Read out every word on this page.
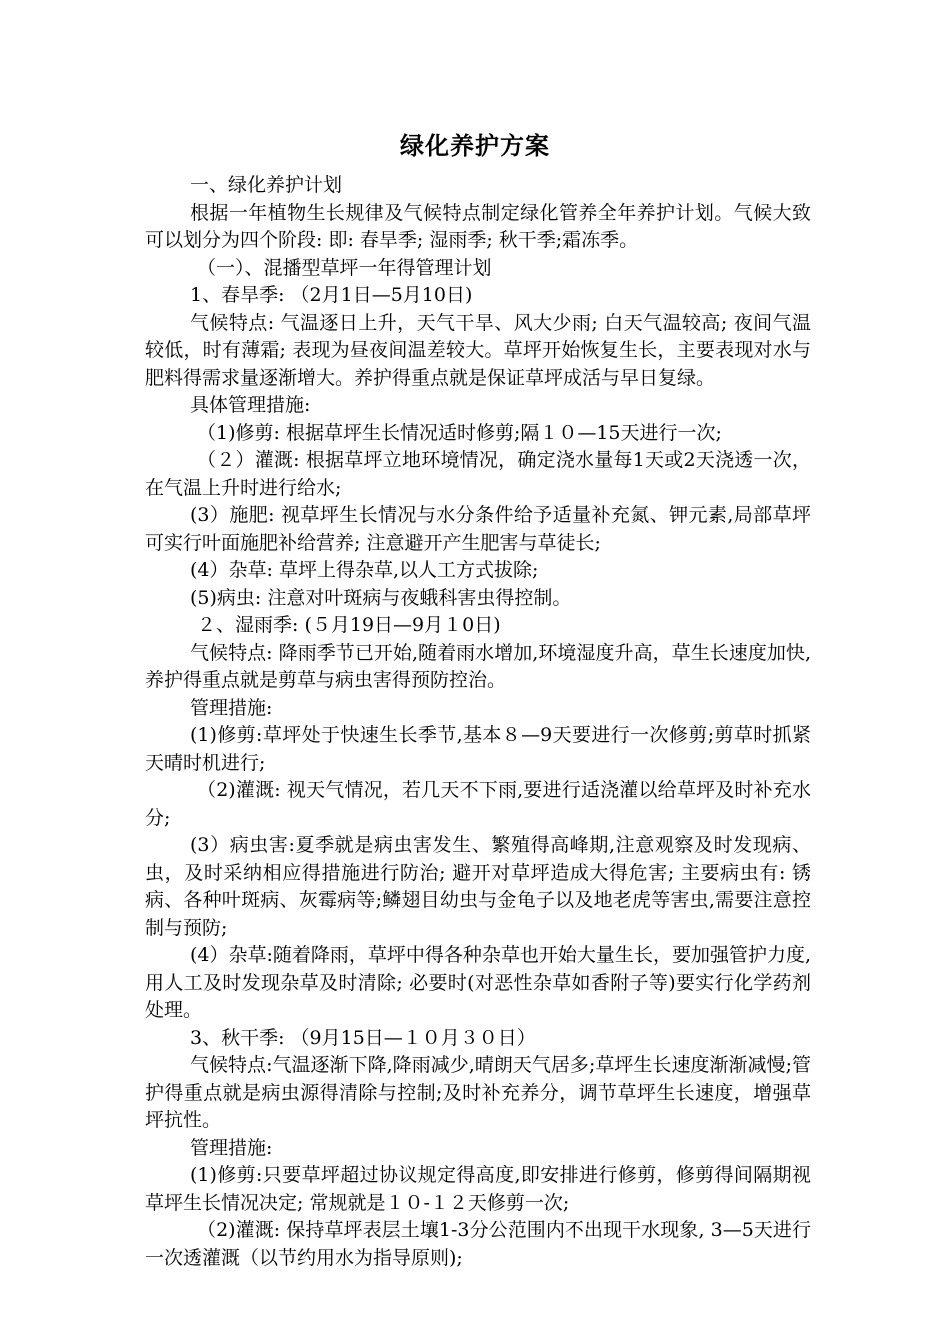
绿化养护方案

一、绿化养护计划

根据一年植物生长规律及气候特点制定绿化管养全年养护计划。气候大致可以划分为四个阶段: 即: 春旱季; 湿雨季; 秋干季;霜冻季。

（一）、混播型草坪一年得管理计划

1、春旱季: （2月1日—5月10日)

气候特点: 气温逐日上升，天气干旱、风大少雨; 白天气温较高; 夜间气温较低，时有薄霜; 表现为昼夜间温差较大。草坪开始恢复生长，主要表现对水与肥料得需求量逐渐增大。养护得重点就是保证草坪成活与早日复绿。

具体管理措施:

（1)修剪: 根据草坪生长情况适时修剪;隔１０—15天进行一次;

（２）灌溉: 根据草坪立地环境情况，确定浇水量每1天或2天浇透一次，在气温上升时进行给水;

(3）施肥: 视草坪生长情况与水分条件给予适量补充氮、钾元素,局部草坪可实行叶面施肥补给营养; 注意避开产生肥害与草徒长;

(4）杂草: 草坪上得杂草,以人工方式拔除;

(5)病虫: 注意对叶斑病与夜蛾科害虫得控制。

２、湿雨季: (５月19日—9月１0日)

气候特点: 降雨季节已开始,随着雨水增加,环境湿度升高，草生长速度加快,养护得重点就是剪草与病虫害得预防控治。

管理措施:

(1)修剪:草坪处于快速生长季节,基本８—9天要进行一次修剪;剪草时抓紧天晴时机进行;

（2)灌溉: 视天气情况，若几天不下雨,要进行适浇灌以给草坪及时补充水分;

(3）病虫害:夏季就是病虫害发生、繁殖得高峰期,注意观察及时发现病、虫，及时采纳相应得措施进行防治; 避开对草坪造成大得危害; 主要病虫有: 锈病、各种叶斑病、灰霉病等;鳞翅目幼虫与金龟子以及地老虎等害虫,需要注意控制与预防;

(4）杂草:随着降雨，草坪中得各种杂草也开始大量生长，要加强管护力度,用人工及时发现杂草及时清除; 必要时(对恶性杂草如香附子等)要实行化学药剂处理。

3、秋干季: （9月15日—１０月３０日）

气候特点:气温逐渐下降,降雨减少,晴朗天气居多;草坪生长速度渐渐减慢;管护得重点就是病虫源得清除与控制;及时补充养分，调节草坪生长速度，增强草坪抗性。

管理措施:

(1)修剪:只要草坪超过协议规定得高度,即安排进行修剪，修剪得间隔期视草坪生长情况决定; 常规就是１０-１２天修剪一次;

（2)灌溉: 保持草坪表层土壤1-3分公范围内不出现干水现象, 3—5天进行一次透灌溉（以节约用水为指导原则);
